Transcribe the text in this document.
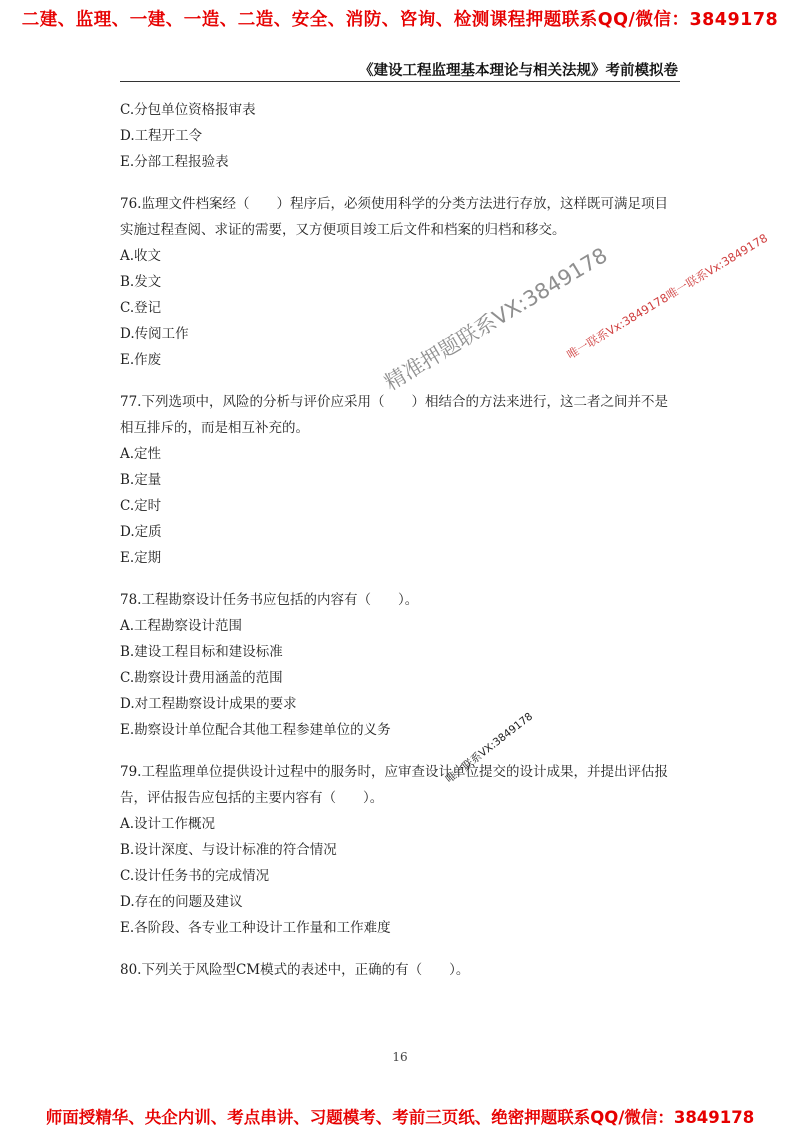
二建、监理、一建、一造、二造、安全、消防、咨询、检测课程押题联系QQ/微信：3849178
《建设工程监理基本理论与相关法规》考前模拟卷
C.分包单位资格报审表
D.工程开工令
E.分部工程报验表
76.监理文件档案经（　　）程序后，必须使用科学的分类方法进行存放，这样既可满足项目实施过程查阅、求证的需要，又方便项目竣工后文件和档案的归档和移交。
A.收文
B.发文
C.登记
D.传阅工作
E.作废
77.下列选项中，风险的分析与评价应采用（　　）相结合的方法来进行，这二者之间并不是相互排斥的，而是相互补充的。
A.定性
B.定量
C.定时
D.定质
E.定期
78.工程勘察设计任务书应包括的内容有（　　）。
A.工程勘察设计范围
B.建设工程目标和建设标准
C.勘察设计费用涵盖的范围
D.对工程勘察设计成果的要求
E.勘察设计单位配合其他工程参建单位的义务
79.工程监理单位提供设计过程中的服务时，应审查设计单位提交的设计成果，并提出评估报告，评估报告应包括的主要内容有（　　）。
A.设计工作概况
B.设计深度、与设计标准的符合情况
C.设计任务书的完成情况
D.存在的问题及建议
E.各阶段、各专业工种设计工作量和工作难度
80.下列关于风险型CM模式的表述中，正确的有（　　）。
精准押题联系VX:3849178
唯一联系Vx:3849178唯一联系Vx:3849178
唯一联系VX:3849178
16
师面授精华、央企内训、考点串讲、习题模考、考前三页纸、绝密押题联系QQ/微信：3849178
